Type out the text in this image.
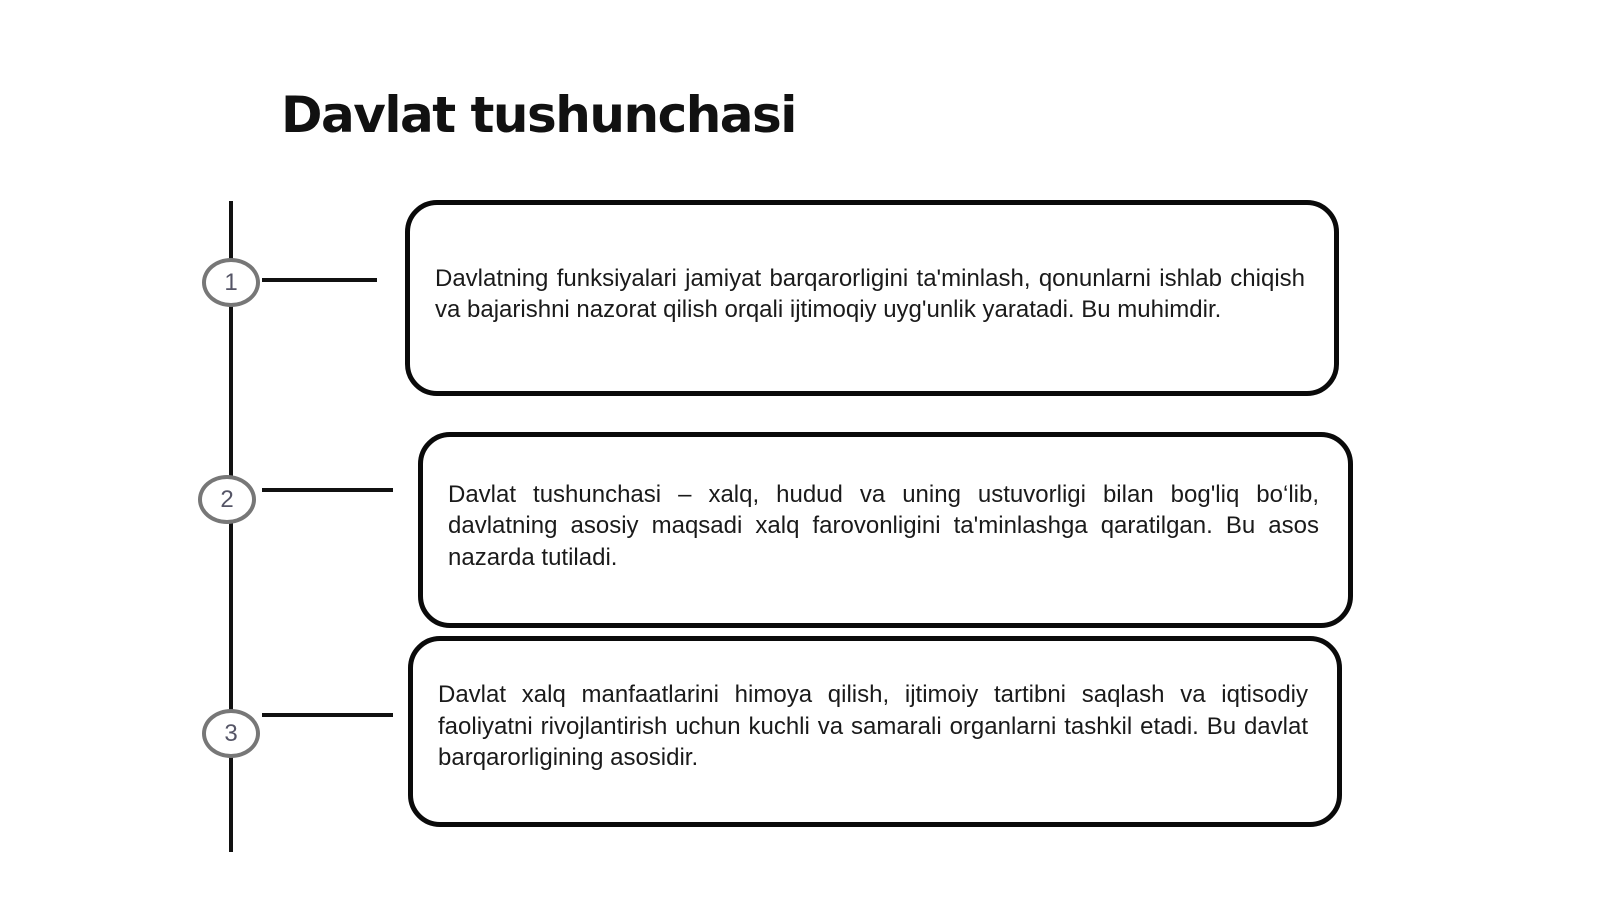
Davlat tushunchasi
1	Davlatning funksiyalari jamiyat barqarorligini ta'minlash, qonunlarni ishlab chiqish va bajarishni nazorat qilish orqali ijtimoqiy uyg'unlik yaratadi. Bu muhimdir.

2	Davlat tushunchasi – xalq, hudud va uning ustuvorligi bilan bog'liq bo‘lib, davlatning asosiy maqsadi xalq farovonligini ta'minlashga qaratilgan. Bu asos nazarda tutiladi.

3

Davlat xalq manfaatlarini himoya qilish, ijtimoiy tartibni saqlash va iqtisodiy faoliyatni rivojlantirish uchun kuchli va samarali organlarni tashkil etadi. Bu davlat barqarorligining asosidir.
